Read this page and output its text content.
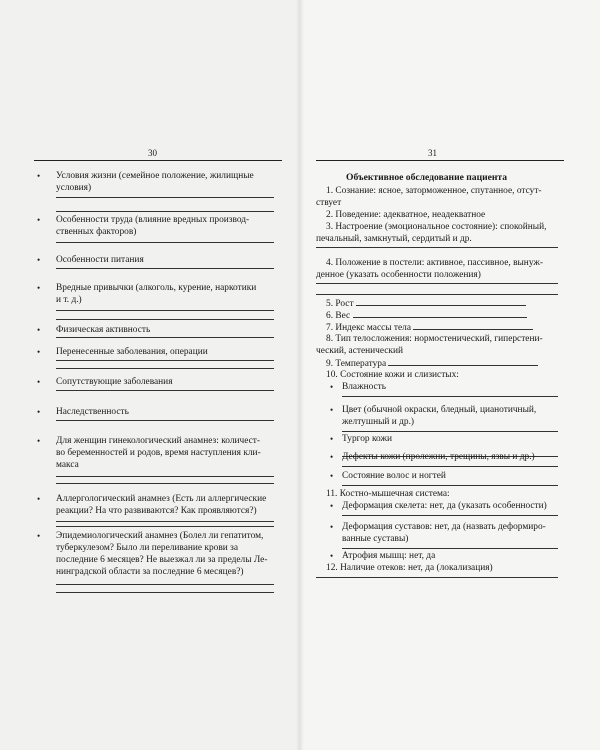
30
• Условия жизни (семейное положение, жилищные
условия)
• Особенности труда (влияние вредных производ-
ственных факторов)
• Особенности питания
• Вредные привычки (алкоголь, курение, наркотики
и т. д.)
• Физическая активность
• Перенесенные заболевания, операции
• Сопутствующие заболевания
• Наследственность
• Для женщин гинекологический анамнез: количест-
во беременностей и родов, время наступления кли-
макса
• Аллергологический анамнез (Есть ли аллергические
реакции? На что развиваются? Как проявляются?)
• Эпидемиологический анамнез (Болел ли гепатитом,
туберкулезом? Было ли переливание крови за
последние 6 месяцев? Не выезжал ли за пределы Ле-
нинградской области за последние 6 месяцев?)
31
Объективное обследование пациента
1. Сознание: ясное, заторможенное, спутанное, отсут-
ствует
2. Поведение: адекватное, неадекватное
3. Настроение (эмоциональное состояние): спокойный,
печальный, замкнутый, сердитый и др.
4. Положение в постели: активное, пассивное, вынуж-
денное (указать особенности положения)
5. Рост
6. Вес
7. Индекс массы тела
8. Тип телосложения: нормостенический, гиперстени-
ческий, астенический
9. Температура
10. Состояние кожи и слизистых:
• Влажность
• Цвет (обычной окраски, бледный, цианотичный,
желтушный и др.)
• Тургор кожи
• Дефекты кожи (пролежни, трещины, язвы и др.)
• Состояние волос и ногтей
11. Костно-мышечная система:
• Деформация скелета: нет, да (указать особенности)
• Деформация суставов: нет, да (назвать деформиро-
ванные суставы)
• Атрофия мышц: нет, да
12. Наличие отеков: нет, да (локализация)
